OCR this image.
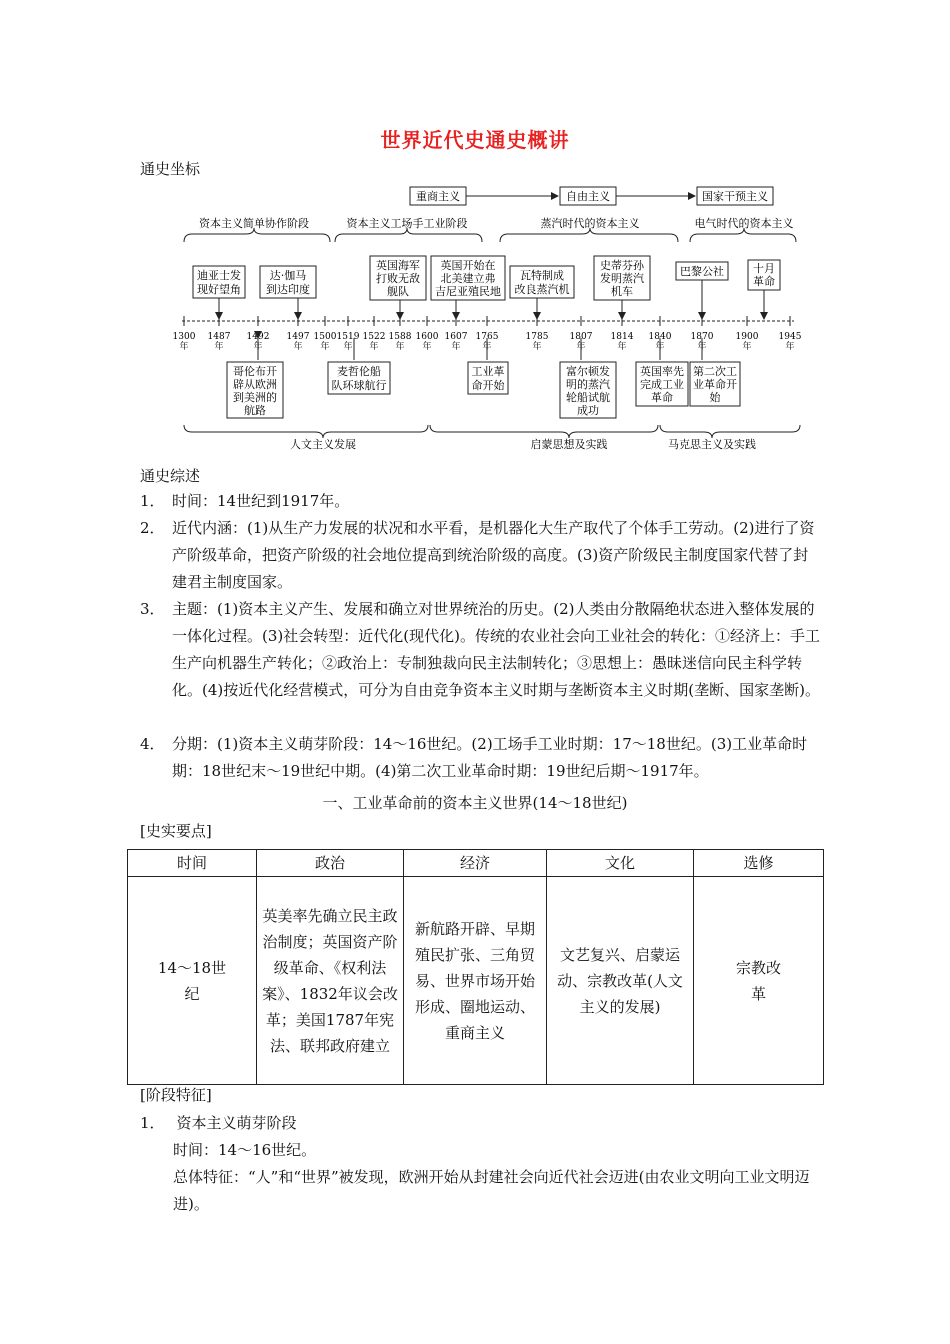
世界近代史通史概讲
通史坐标
重商主义	自由主义	国家干预主义
资本主义简单协作阶段	资本主义工场手工业阶段	蒸汽时代的资本主义	电气时代的资本主义
1300
年
1487
年
1492
年
1497
年
1500
年
1519
年
1522
年
1588
年
1600
年
1607
年
1765
年
1785
年
1807
年
1814
年
1840
年
1870
年
1900
年
1945
年
迪亚士发
现好望角
达·伽马
到达印度
英国海军
打败无敌
舰队
英国开始在
北美建立弗
吉尼亚殖民地
瓦特制成
改良蒸汽机
史蒂芬孙
发明蒸汽
机车
巴黎公社	十月
革命
哥伦布开
辟从欧洲
到美洲的
航路
麦哲伦船
队环球航行
工业革
命开始
富尔顿发
明的蒸汽
轮船试航
成功
英国率先
完成工业
革命
第二次工
业革命开
始
人文主义发展	启蒙思想及实践	马克思主义及实践
通史综述
1． 时间：14世纪到1917年。
2． 近代内涵：(1)从生产力发展的状况和水平看，是机器化大生产取代了个体手工劳动。(2)进行了资产阶级革命，把资产阶级的社会地位提高到统治阶级的高度。(3)资产阶级民主制度国家代替了封建君主制度国家。
3． 主题：(1)资本主义产生、发展和确立对世界统治的历史。(2)人类由分散隔绝状态进入整体发展的一体化过程。(3)社会转型：近代化(现代化)。传统的农业社会向工业社会的转化：①经济上：手工生产向机器生产转化；②政治上：专制独裁向民主法制转化；③思想上：愚昧迷信向民主科学转化。(4)按近代化经营模式，可分为自由竞争资本主义时期与垄断资本主义时期(垄断、国家垄断)。
4． 分期：(1)资本主义萌芽阶段：14～16世纪。(2)工场手工业时期：17～18世纪。(3)工业革命时期：18世纪末～19世纪中期。(4)第二次工业革命时期：19世纪后期～1917年。
一、工业革命前的资本主义世界(14～18世纪)
[史实要点]
时间	政治	经济	文化	选修
14～18世纪	英美率先确立民主政治制度；英国资产阶级革命、《权利法案》、1832年议会改革；美国1787年宪法、联邦政府建立	新航路开辟、早期殖民扩张、三角贸易、世界市场开始形成、圈地运动、重商主义	文艺复兴、启蒙运动、宗教改革(人文主义的发展)	宗教改革
[阶段特征]
1． 资本主义萌芽阶段
时间：14～16世纪。
总体特征：“人”和“世界”被发现，欧洲开始从封建社会向近代社会迈进(由农业文明向工业文明迈进)。
